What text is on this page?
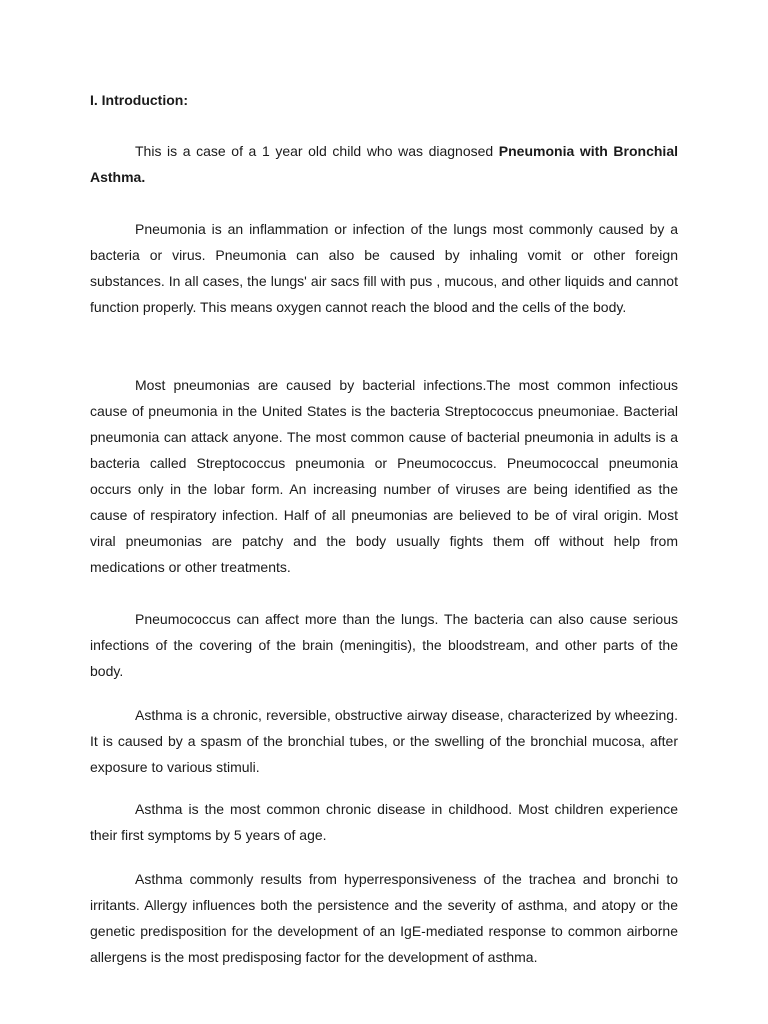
I. Introduction:

This is a case of a 1 year old child who was diagnosed Pneumonia with Bronchial Asthma.

Pneumonia is an inflammation or infection of the lungs most commonly caused by a bacteria or virus. Pneumonia can also be caused by inhaling vomit or other foreign substances. In all cases, the lungs' air sacs fill with pus , mucous, and other liquids and cannot function properly. This means oxygen cannot reach the blood and the cells of the body.

Most pneumonias are caused by bacterial infections.The most common infectious cause of pneumonia in the United States is the bacteria Streptococcus pneumoniae. Bacterial pneumonia can attack anyone. The most common cause of bacterial pneumonia in adults is a bacteria called Streptococcus pneumonia or Pneumococcus. Pneumococcal pneumonia occurs only in the lobar form. An increasing number of viruses are being identified as the cause of respiratory infection. Half of all pneumonias are believed to be of viral origin. Most viral pneumonias are patchy and the body usually fights them off without help from medications or other treatments.

Pneumococcus can affect more than the lungs. The bacteria can also cause serious infections of the covering of the brain (meningitis), the bloodstream, and other parts of the body.

Asthma is a chronic, reversible, obstructive airway disease, characterized by wheezing. It is caused by a spasm of the bronchial tubes, or the swelling of the bronchial mucosa, after exposure to various stimuli.

Asthma is the most common chronic disease in childhood. Most children experience their first symptoms by 5 years of age.

Asthma commonly results from hyperresponsiveness of the trachea and bronchi to irritants. Allergy influences both the persistence and the severity of asthma, and atopy or the genetic predisposition for the development of an IgE-mediated response to common airborne allergens is the most predisposing factor for the development of asthma.
